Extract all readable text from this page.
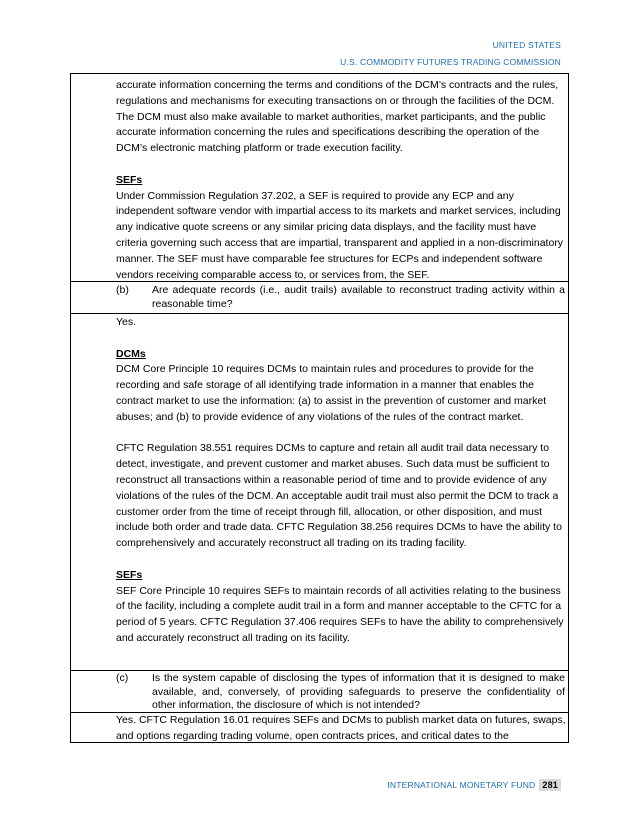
UNITED STATES
U.S. COMMODITY FUTURES TRADING COMMISSION

accurate information concerning the terms and conditions of the DCM’s contracts and the rules, regulations and mechanisms for executing transactions on or through the facilities of the DCM. The DCM must also make available to market authorities, market participants, and the public accurate information concerning the rules and specifications describing the operation of the DCM’s electronic matching platform or trade execution facility.

SEFs

Under Commission Regulation 37.202, a SEF is required to provide any ECP and any independent software vendor with impartial access to its markets and market services, including any indicative quote screens or any similar pricing data displays, and the facility must have criteria governing such access that are impartial, transparent and applied in a non-discriminatory manner. The SEF must have comparable fee structures for ECPs and independent software vendors receiving comparable access to, or services from, the SEF.

(b) Are adequate records (i.e., audit trails) available to reconstruct trading activity within a reasonable time?

Yes.

DCMs

DCM Core Principle 10 requires DCMs to maintain rules and procedures to provide for the recording and safe storage of all identifying trade information in a manner that enables the contract market to use the information: (a) to assist in the prevention of customer and market abuses; and (b) to provide evidence of any violations of the rules of the contract market.

CFTC Regulation 38.551 requires DCMs to capture and retain all audit trail data necessary to detect, investigate, and prevent customer and market abuses. Such data must be sufficient to reconstruct all transactions within a reasonable period of time and to provide evidence of any violations of the rules of the DCM. An acceptable audit trail must also permit the DCM to track a customer order from the time of receipt through fill, allocation, or other disposition, and must include both order and trade data. CFTC Regulation 38.256 requires DCMs to have the ability to comprehensively and accurately reconstruct all trading on its trading facility.

SEFs

SEF Core Principle 10 requires SEFs to maintain records of all activities relating to the business of the facility, including a complete audit trail in a form and manner acceptable to the CFTC for a period of 5 years. CFTC Regulation 37.406 requires SEFs to have the ability to comprehensively and accurately reconstruct all trading on its facility.

(c) Is the system capable of disclosing the types of information that it is designed to make available, and, conversely, of providing safeguards to preserve the confidentiality of other information, the disclosure of which is not intended?

Yes. CFTC Regulation 16.01 requires SEFs and DCMs to publish market data on futures, swaps, and options regarding trading volume, open contracts prices, and critical dates to the

INTERNATIONAL MONETARY FUND 281
